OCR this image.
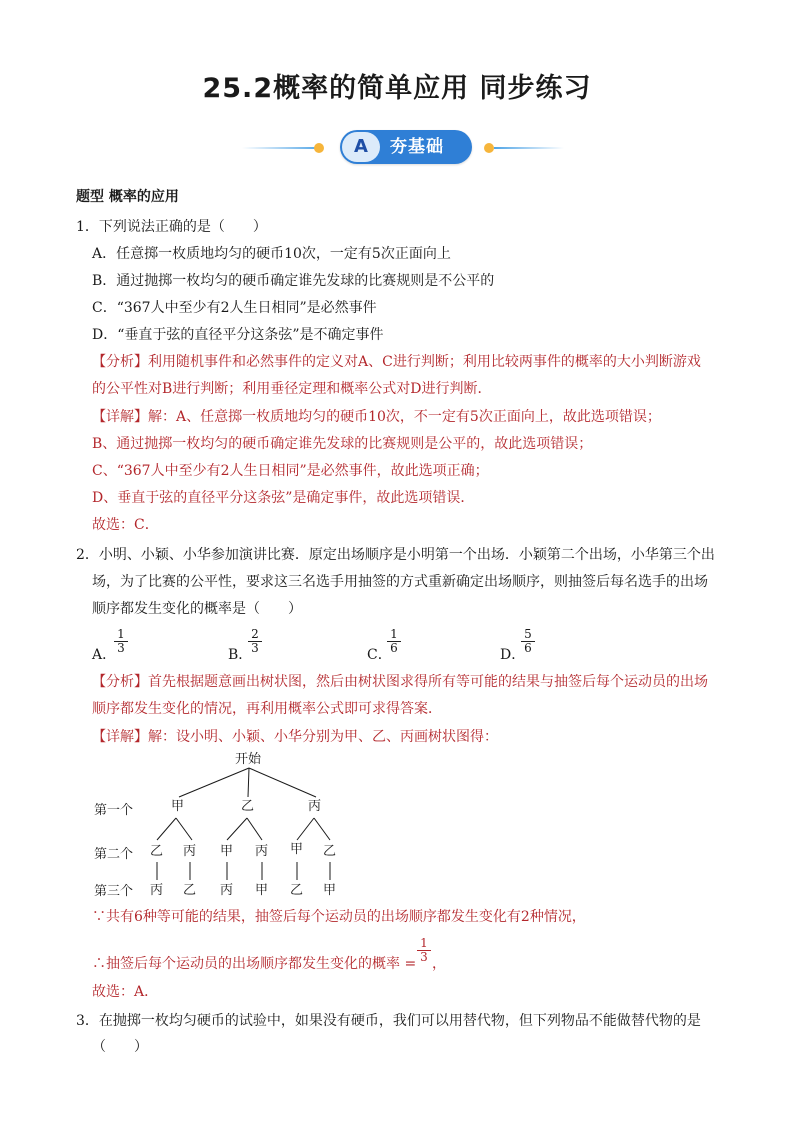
25.2概率的简单应用 同步练习
A	夯基础
题型 概率的应用
1．下列说法正确的是（　　）
A．任意掷一枚质地均匀的硬币10次，一定有5次正面向上
B．通过抛掷一枚均匀的硬币确定谁先发球的比赛规则是不公平的
C．“367人中至少有2人生日相同”是必然事件
D．“垂直于弦的直径平分这条弦”是不确定事件
【分析】利用随机事件和必然事件的定义对A、C进行判断；利用比较两事件的概率的大小判断游戏
的公平性对B进行判断；利用垂径定理和概率公式对D进行判断．
【详解】解：A、任意掷一枚质地均匀的硬币10次，不一定有5次正面向上，故此选项错误；
B、通过抛掷一枚均匀的硬币确定谁先发球的比赛规则是公平的，故此选项错误；
C、“367人中至少有2人生日相同”是必然事件，故此选项正确；
D、垂直于弦的直径平分这条弦”是确定事件，故此选项错误．
故选：C．
2．小明、小颖、小华参加演讲比赛．原定出场顺序是小明第一个出场．小颖第二个出场，小华第三个出
场，为了比赛的公平性，要求这三名选手用抽签的方式重新确定出场顺序，则抽签后每名选手的出场
顺序都发生变化的概率是（　　）
A．
$\frac{1}{3}$	B．
$\frac{2}{3}$	C．
$\frac{1}{6}$	D．
$\frac{5}{6}$
【分析】首先根据题意画出树状图，然后由树状图求得所有等可能的结果与抽签后每个运动员的出场
顺序都发生变化的情况，再利用概率公式即可求得答案．
【详解】解：设小明、小颖、小华分别为甲、乙、丙画树状图得：
开始
第一个
第二个
第三个
甲	乙	丙
乙 丙 甲 丙 甲 乙
丙 乙 丙 甲 乙 甲
∵共有6种等可能的结果，抽签后每个运动员的出场顺序都发生变化有2种情况，
∴抽签后每个运动员的出场顺序都发生变化的概率 = $\frac{1}{3}$ ，
故选：A．
3．在抛掷一枚均匀硬币的试验中，如果没有硬币，我们可以用替代物，但下列物品不能做替代物的是
（　　）
